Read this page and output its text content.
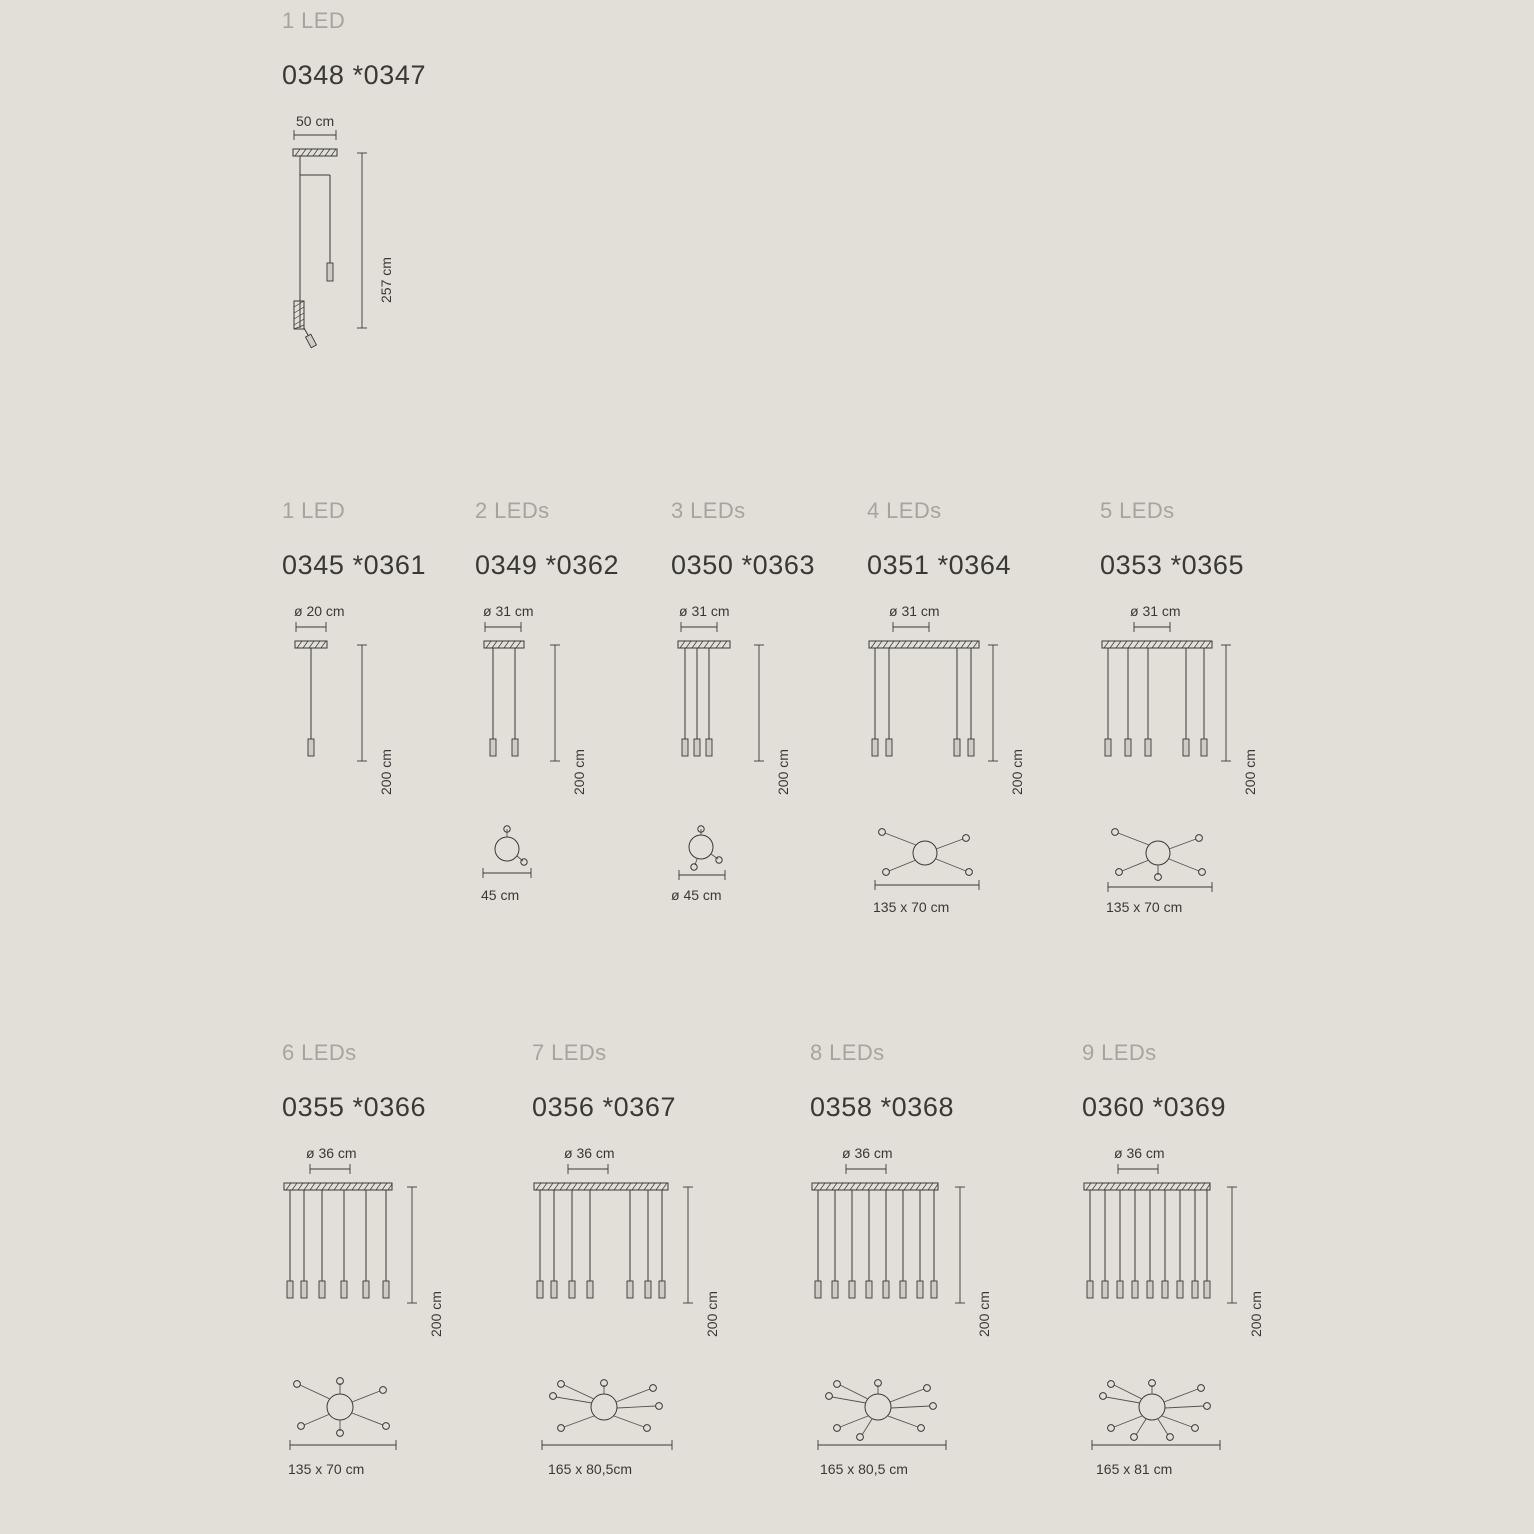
1 LED
0348 *0347
50 cm
257 cm
1 LED
0345 *0361
ø 20 cm
200 cm
2 LEDs
0349 *0362
ø 31 cm
200 cm
45 cm
3 LEDs
0350 *0363
ø 31 cm
200 cm
ø 45 cm
4 LEDs
0351 *0364
ø 31 cm
200 cm
135 x 70 cm
5 LEDs
0353 *0365
ø 31 cm
200 cm
135 x 70 cm
6 LEDs
0355 *0366
ø 36 cm
200 cm
135 x 70 cm
7 LEDs
0356 *0367
ø 36 cm
200 cm
165 x 80,5cm
8 LEDs
0358 *0368
ø 36 cm
200 cm
165 x 80,5 cm
9 LEDs
0360 *0369
ø 36 cm
200 cm
165 x 81 cm
